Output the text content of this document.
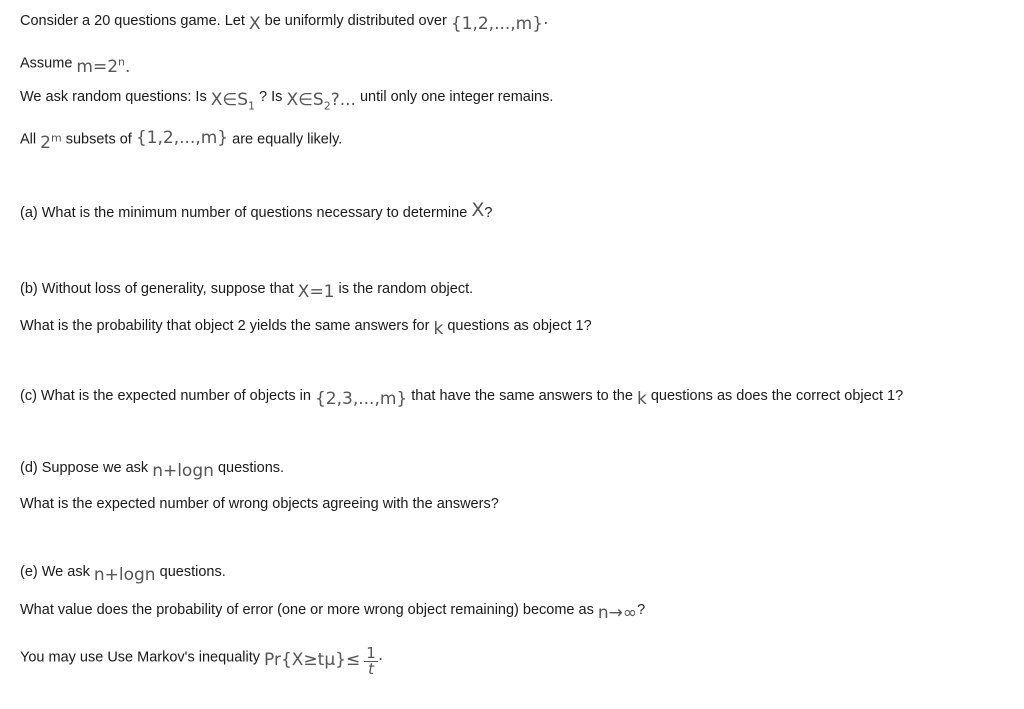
Consider a 20 questions game. Let X be uniformly distributed over {1,2,...,m}·
Assume $m=2^n$.
We ask random questions: Is $X\in S_1$ ? Is $X\in S_2$?... until only one integer remains.
All 2$^m$ subsets of {1,2,...,m} are equally likely.
(a) What is the minimum number of questions necessary to determine X?
(b) Without loss of generality, suppose that X=1 is the random object.
What is the probability that object 2 yields the same answers for k questions as object 1?
(c) What is the expected number of objects in {2,3,...,m} that have the same answers to the k questions as does the correct object 1?
(d) Suppose we ask n+logn questions.
What is the expected number of wrong objects agreeing with the answers?
(e) We ask n+logn questions.
What value does the probability of error (one or more wrong object remaining) become as n→∞?
You may use Use Markov's inequality $Pr\{X\ge t\mu\}\le \frac{1}{t}$ ·
